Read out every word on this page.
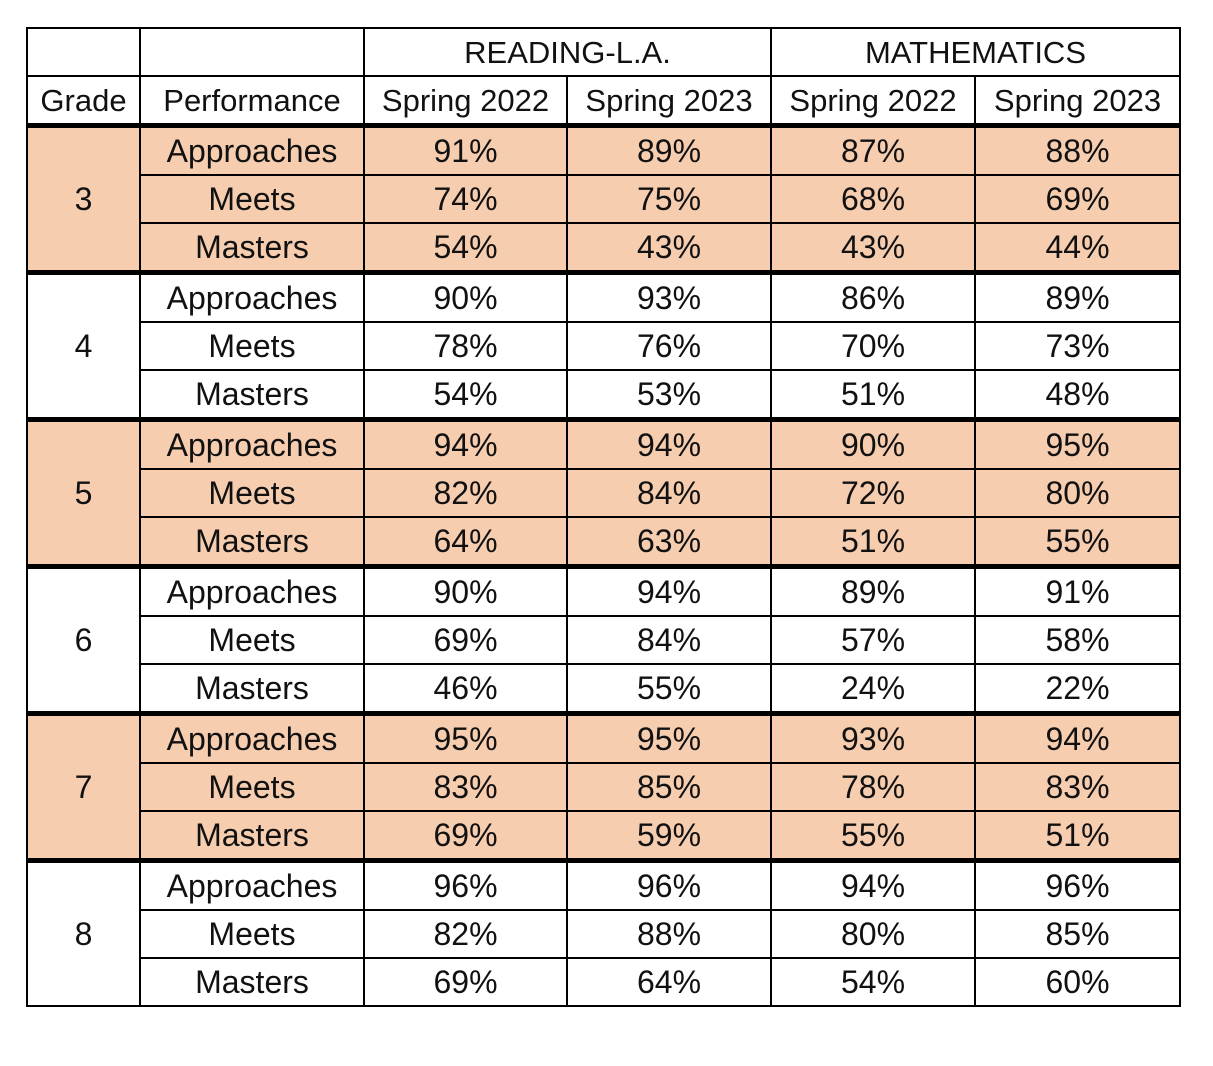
		READING-L.A.		MATHEMATICS	
Grade	Performance	Spring 2022	Spring 2023	Spring 2022	Spring 2023
3	Approaches	91%	89%	87%	88%
	Meets	74%	75%	68%	69%
	Masters	54%	43%	43%	44%
4	Approaches	90%	93%	86%	89%
	Meets	78%	76%	70%	73%
	Masters	54%	53%	51%	48%
5	Approaches	94%	94%	90%	95%
	Meets	82%	84%	72%	80%
	Masters	64%	63%	51%	55%
6	Approaches	90%	94%	89%	91%
	Meets	69%	84%	57%	58%
	Masters	46%	55%	24%	22%
7	Approaches	95%	95%	93%	94%
	Meets	83%	85%	78%	83%
	Masters	69%	59%	55%	51%
8	Approaches	96%	96%	94%	96%
	Meets	82%	88%	80%	85%
	Masters	69%	64%	54%	60%
